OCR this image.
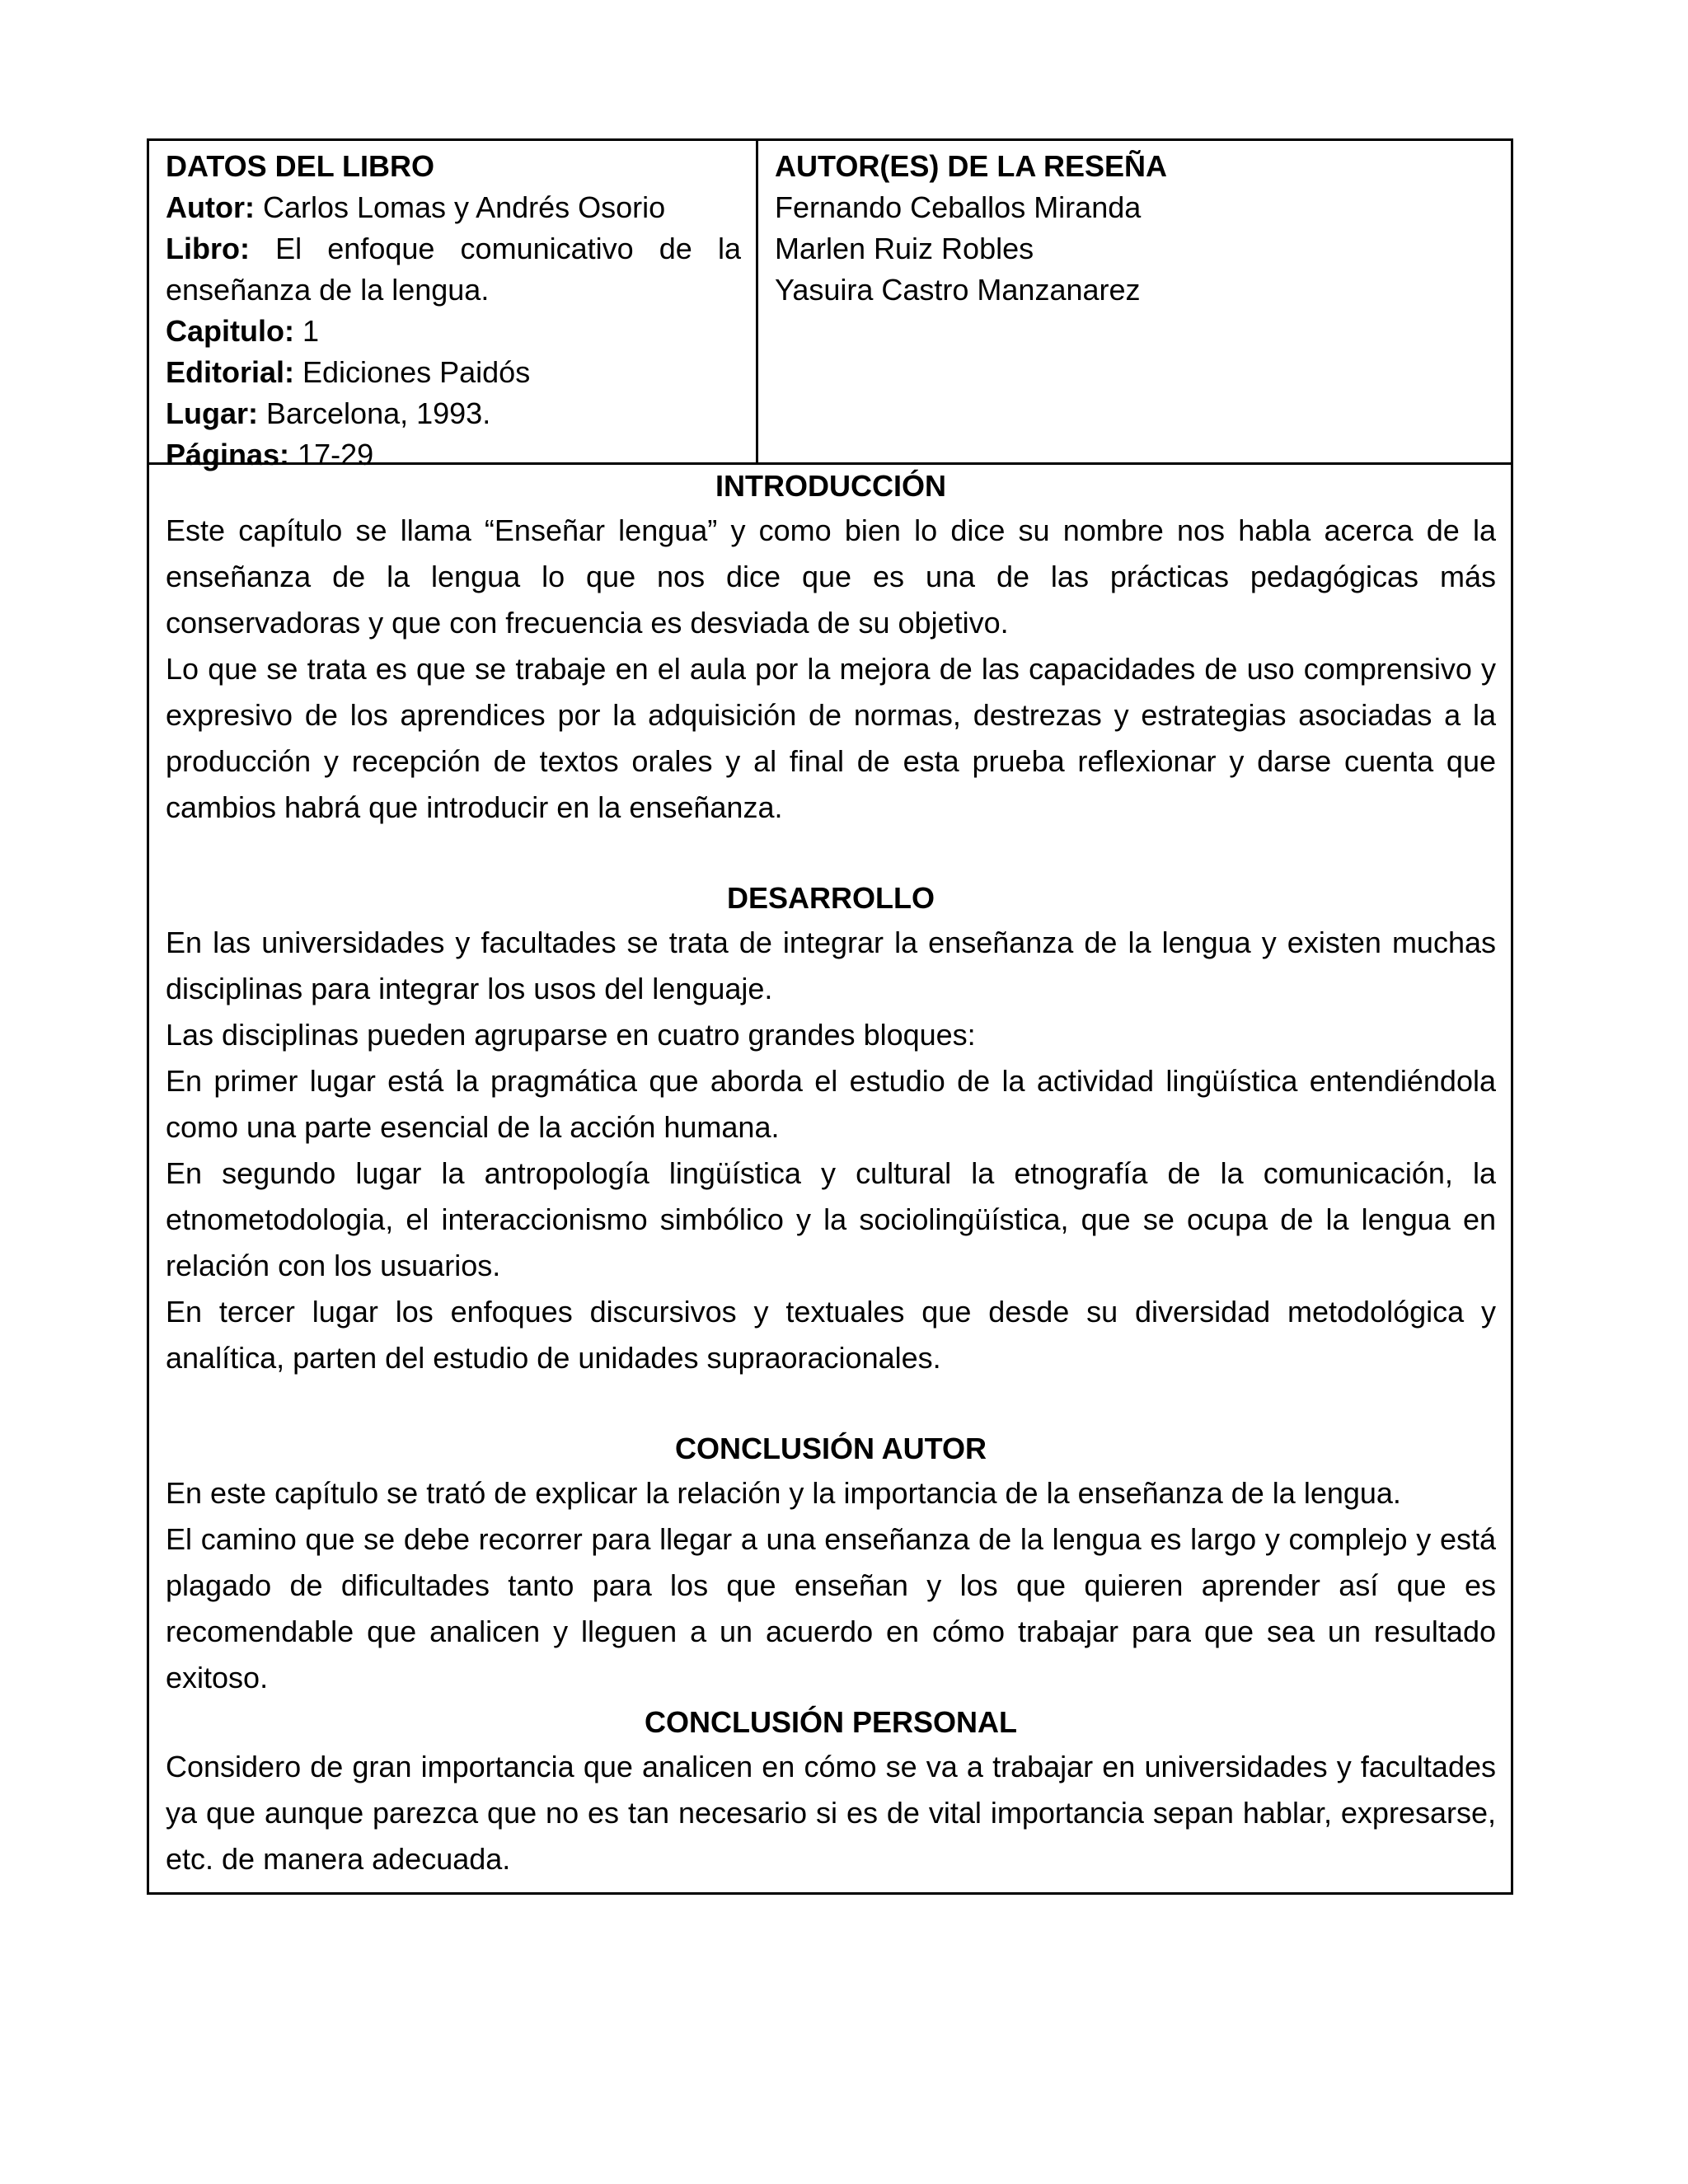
DATOS DEL LIBRO
Autor: Carlos Lomas y Andrés Osorio
Libro: El enfoque comunicativo de la
enseñanza de la lengua.
Capitulo: 1
Editorial: Ediciones Paidós
Lugar: Barcelona, 1993.
Páginas: 17-29
AUTOR(ES) DE LA RESEÑA
Fernando Ceballos Miranda
Marlen Ruiz Robles
Yasuira Castro Manzanarez
INTRODUCCIÓN

Este capítulo se llama “Enseñar lengua” y como bien lo dice su nombre nos habla acerca de la enseñanza de la lengua lo que nos dice que es una de las prácticas pedagógicas más conservadoras y que con frecuencia es desviada de su objetivo.

Lo que se trata es que se trabaje en el aula por la mejora de las capacidades de uso comprensivo y expresivo de los aprendices por la adquisición de normas, destrezas y estrategias asociadas a la producción y recepción de textos orales y al final de esta prueba reflexionar y darse cuenta que cambios habrá que introducir en la enseñanza.

DESARROLLO

En las universidades y facultades se trata de integrar la enseñanza de la lengua y existen muchas disciplinas para integrar los usos del lenguaje.

Las disciplinas pueden agruparse en cuatro grandes bloques:

En primer lugar está la pragmática que aborda el estudio de la actividad lingüística entendiéndola como una parte esencial de la acción humana.

En segundo lugar la antropología lingüística y cultural la etnografía de la comunicación, la etnometodologia, el interaccionismo simbólico y la sociolingüística, que se ocupa de la lengua en relación con los usuarios.

En tercer lugar los enfoques discursivos y textuales que desde su diversidad metodológica y analítica, parten del estudio de unidades supraoracionales.

CONCLUSIÓN AUTOR

En este capítulo se trató de explicar la relación y la importancia de la enseñanza de la lengua.

El camino que se debe recorrer para llegar a una enseñanza de la lengua es largo y complejo y está plagado de dificultades tanto para los que enseñan y los que quieren aprender así que es recomendable que analicen y lleguen a un acuerdo en cómo trabajar para que sea un resultado exitoso.

CONCLUSIÓN PERSONAL

Considero de gran importancia que analicen en cómo se va a trabajar en universidades y facultades ya que aunque parezca que no es tan necesario si es de vital importancia sepan hablar, expresarse, etc. de manera adecuada.
